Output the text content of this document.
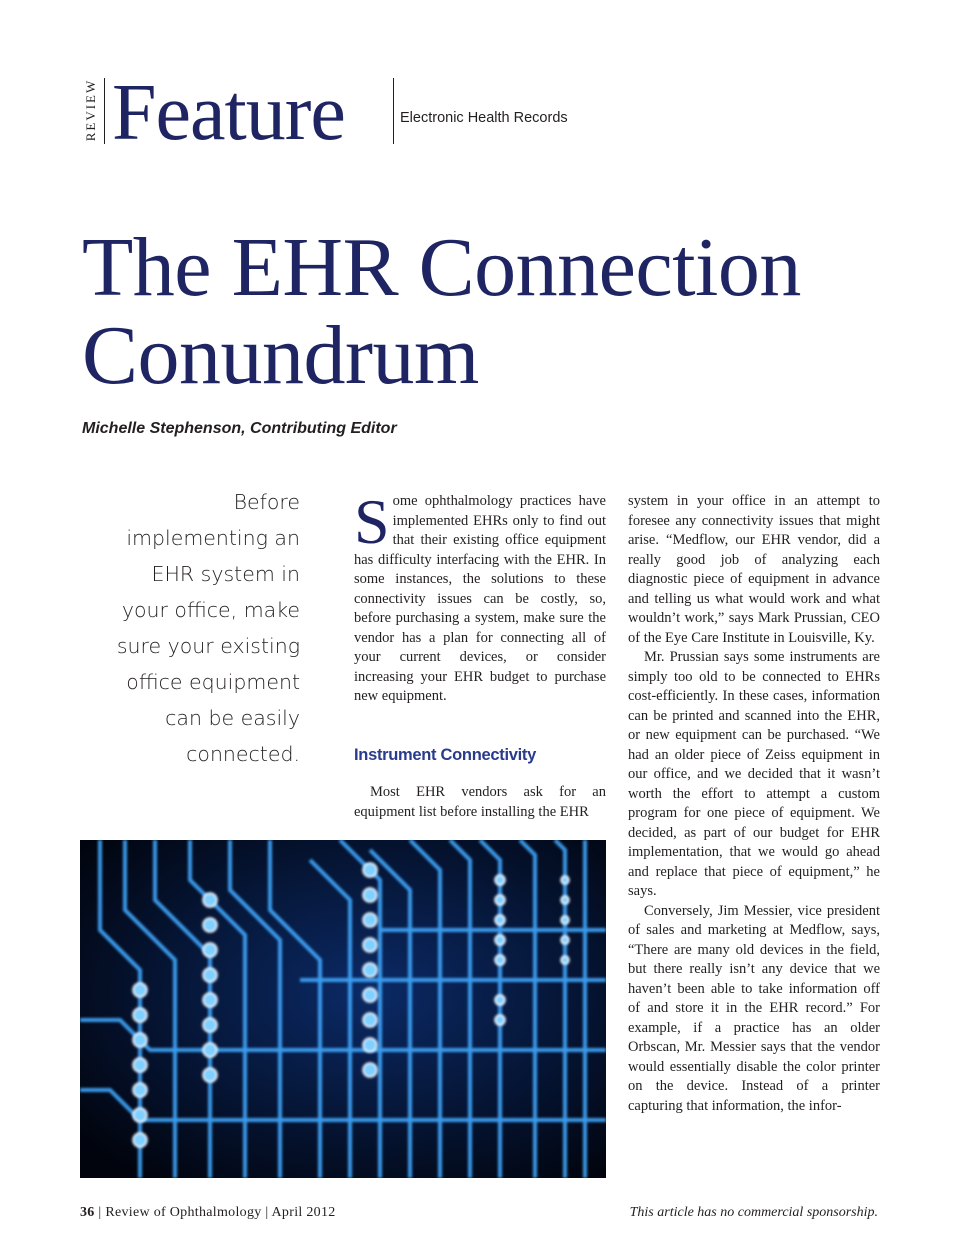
REVIEW Feature	Electronic Health Records
The EHR Connection
Conundrum
Michelle Stephenson, Contributing Editor
Before implementing an EHR system in your office, make sure your existing office equipment can be easily connected.

Some ophthalmology practices have implemented EHRs only to find out that their existing office equipment has difficulty interfacing with the EHR. In some instances, the solutions to these connectivity issues can be costly, so, before purchasing a system, make sure the vendor has a plan for connecting all of your current devices, or consider increasing your EHR budget to purchase new equipment.

Instrument Connectivity

Most EHR vendors ask for an equipment list before installing the EHR

system in your office in an attempt to foresee any connectivity issues that might arise. “Medflow, our EHR vendor, did a really good job of analyzing each diagnostic piece of equipment in advance and telling us what would work and what wouldn’t work,” says Mark Prussian, CEO of the Eye Care Institute in Louisville, Ky.

Mr. Prussian says some instruments are simply too old to be connected to EHRs cost-efficiently. In these cases, information can be printed and scanned into the EHR, or new equipment can be purchased. “We had an older piece of Zeiss equipment in our office, and we decided that it wasn’t worth the effort to attempt a custom program for one piece of equipment. We decided, as part of our budget for EHR implementation, that we would go ahead and replace that piece of equipment,” he says.

Conversely, Jim Messier, vice president of sales and marketing at Medflow, says, “There are many old devices in the field, but there really isn’t any device that we haven’t been able to take information off of and store it in the EHR record.” For example, if a practice has an older Orbscan, Mr. Messier says that the vendor would essentially disable the color printer on the device. Instead of a printer capturing that information, the infor-

36 | Review of Ophthalmology | April 2012	This article has no commercial sponsorship.
